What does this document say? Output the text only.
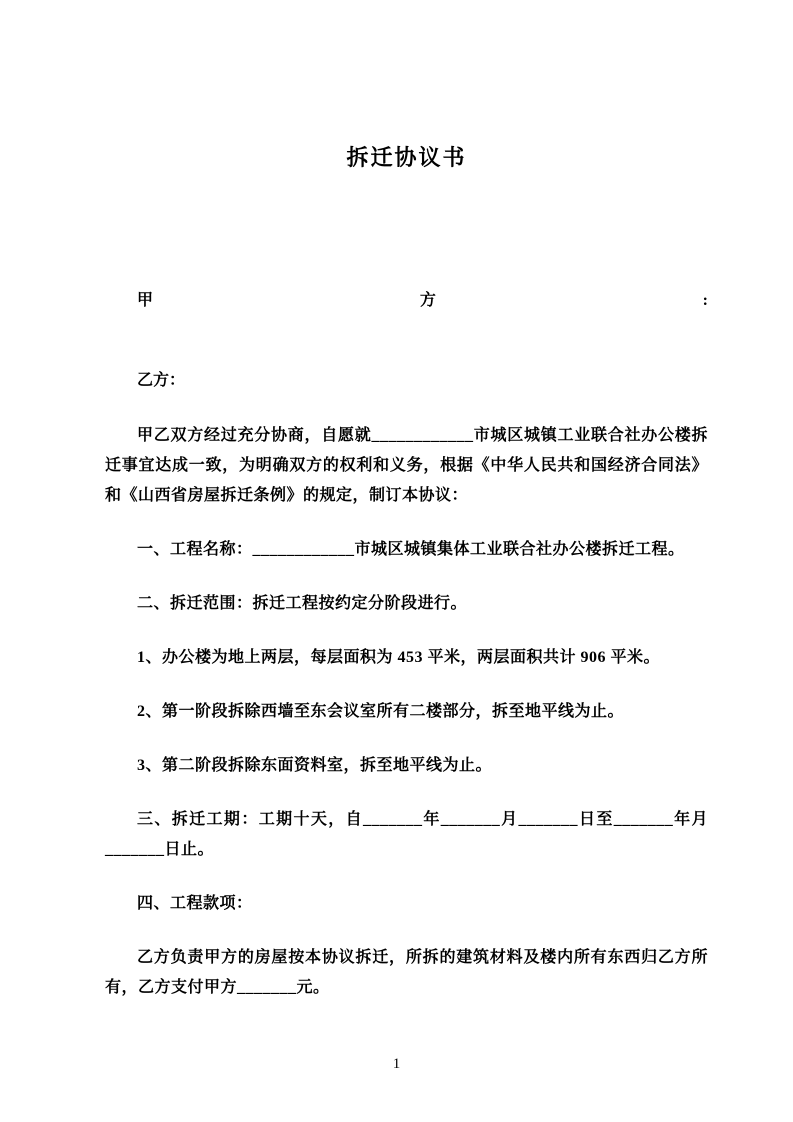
拆迁协议书
甲	方	:

乙方：

甲乙双方经过充分协商，自愿就____________市城区城镇工业联合社办公楼拆迁事宜达成一致，为明确双方的权利和义务，根据《中华人民共和国经济合同法》和《山西省房屋拆迁条例》的规定，制订本协议：

一、工程名称：____________市城区城镇集体工业联合社办公楼拆迁工程。

二、拆迁范围：拆迁工程按约定分阶段进行。

1、办公楼为地上两层，每层面积为 453 平米，两层面积共计 906 平米。

2、第一阶段拆除西墙至东会议室所有二楼部分，拆至地平线为止。

3、第二阶段拆除东面资料室，拆至地平线为止。

三、拆迁工期：工期十天，自_______年_______月_______日至_______年月_______日止。

四、工程款项：

乙方负责甲方的房屋按本协议拆迁，所拆的建筑材料及楼内所有东西归乙方所有，乙方支付甲方_______元。

1
